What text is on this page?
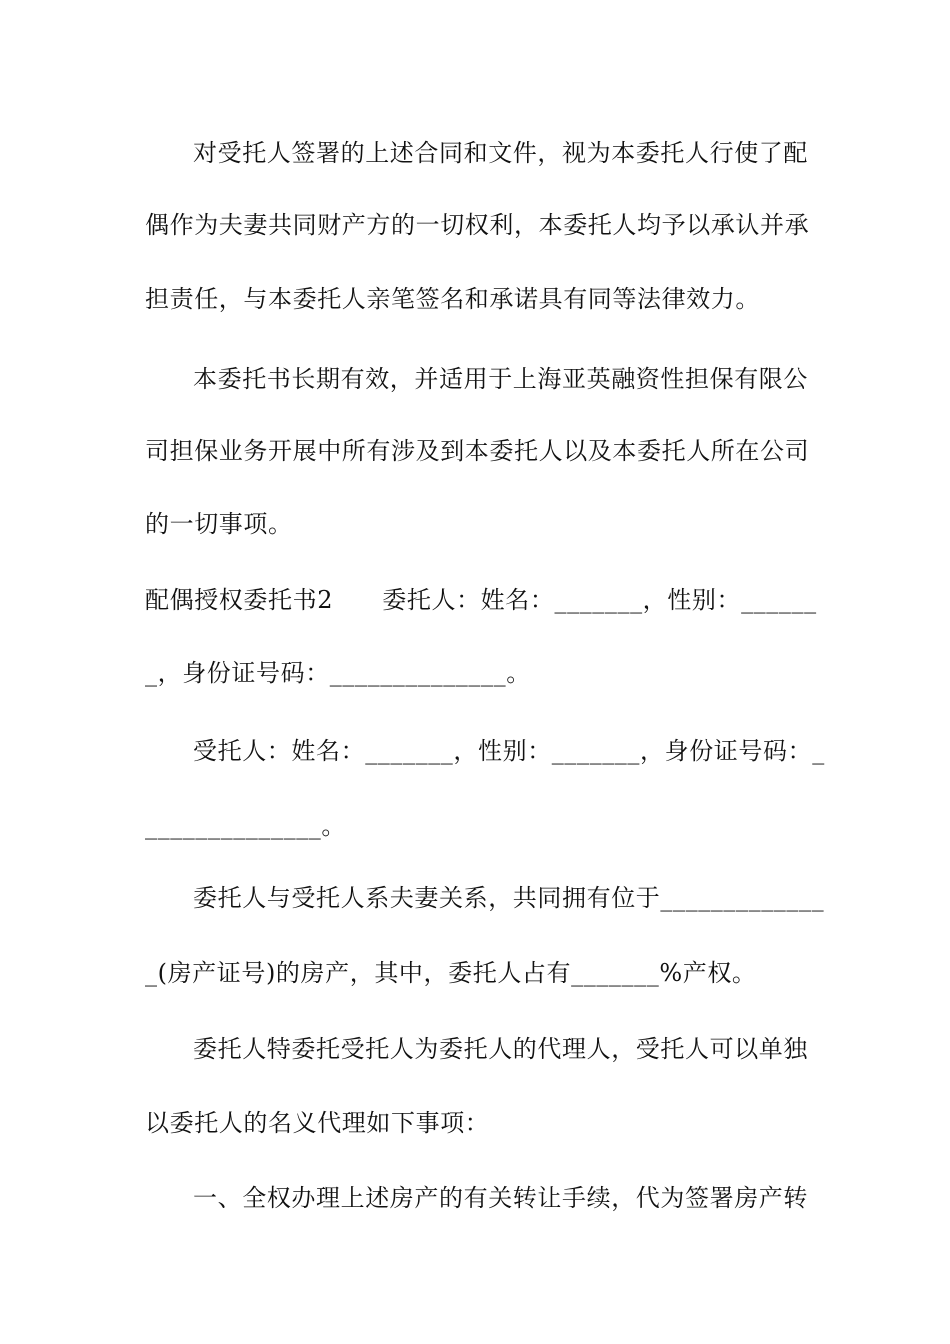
对受托人签署的上述合同和文件，视为本委托人行使了配
偶作为夫妻共同财产方的一切权利，本委托人均予以承认并承
担责任，与本委托人亲笔签名和承诺具有同等法律效力。
本委托书长期有效，并适用于上海亚英融资性担保有限公
司担保业务开展中所有涉及到本委托人以及本委托人所在公司
的一切事项。
配偶授权委托书2　　委托人：姓名：_______，性别：______
_，身份证号码：______________。
受托人：姓名：_______，性别：_______，身份证号码：_
______________。
委托人与受托人系夫妻关系，共同拥有位于_____________
_(房产证号)的房产，其中，委托人占有_______%产权。
委托人特委托受托人为委托人的代理人，受托人可以单独
以委托人的名义代理如下事项：
一、全权办理上述房产的有关转让手续，代为签署房产转
